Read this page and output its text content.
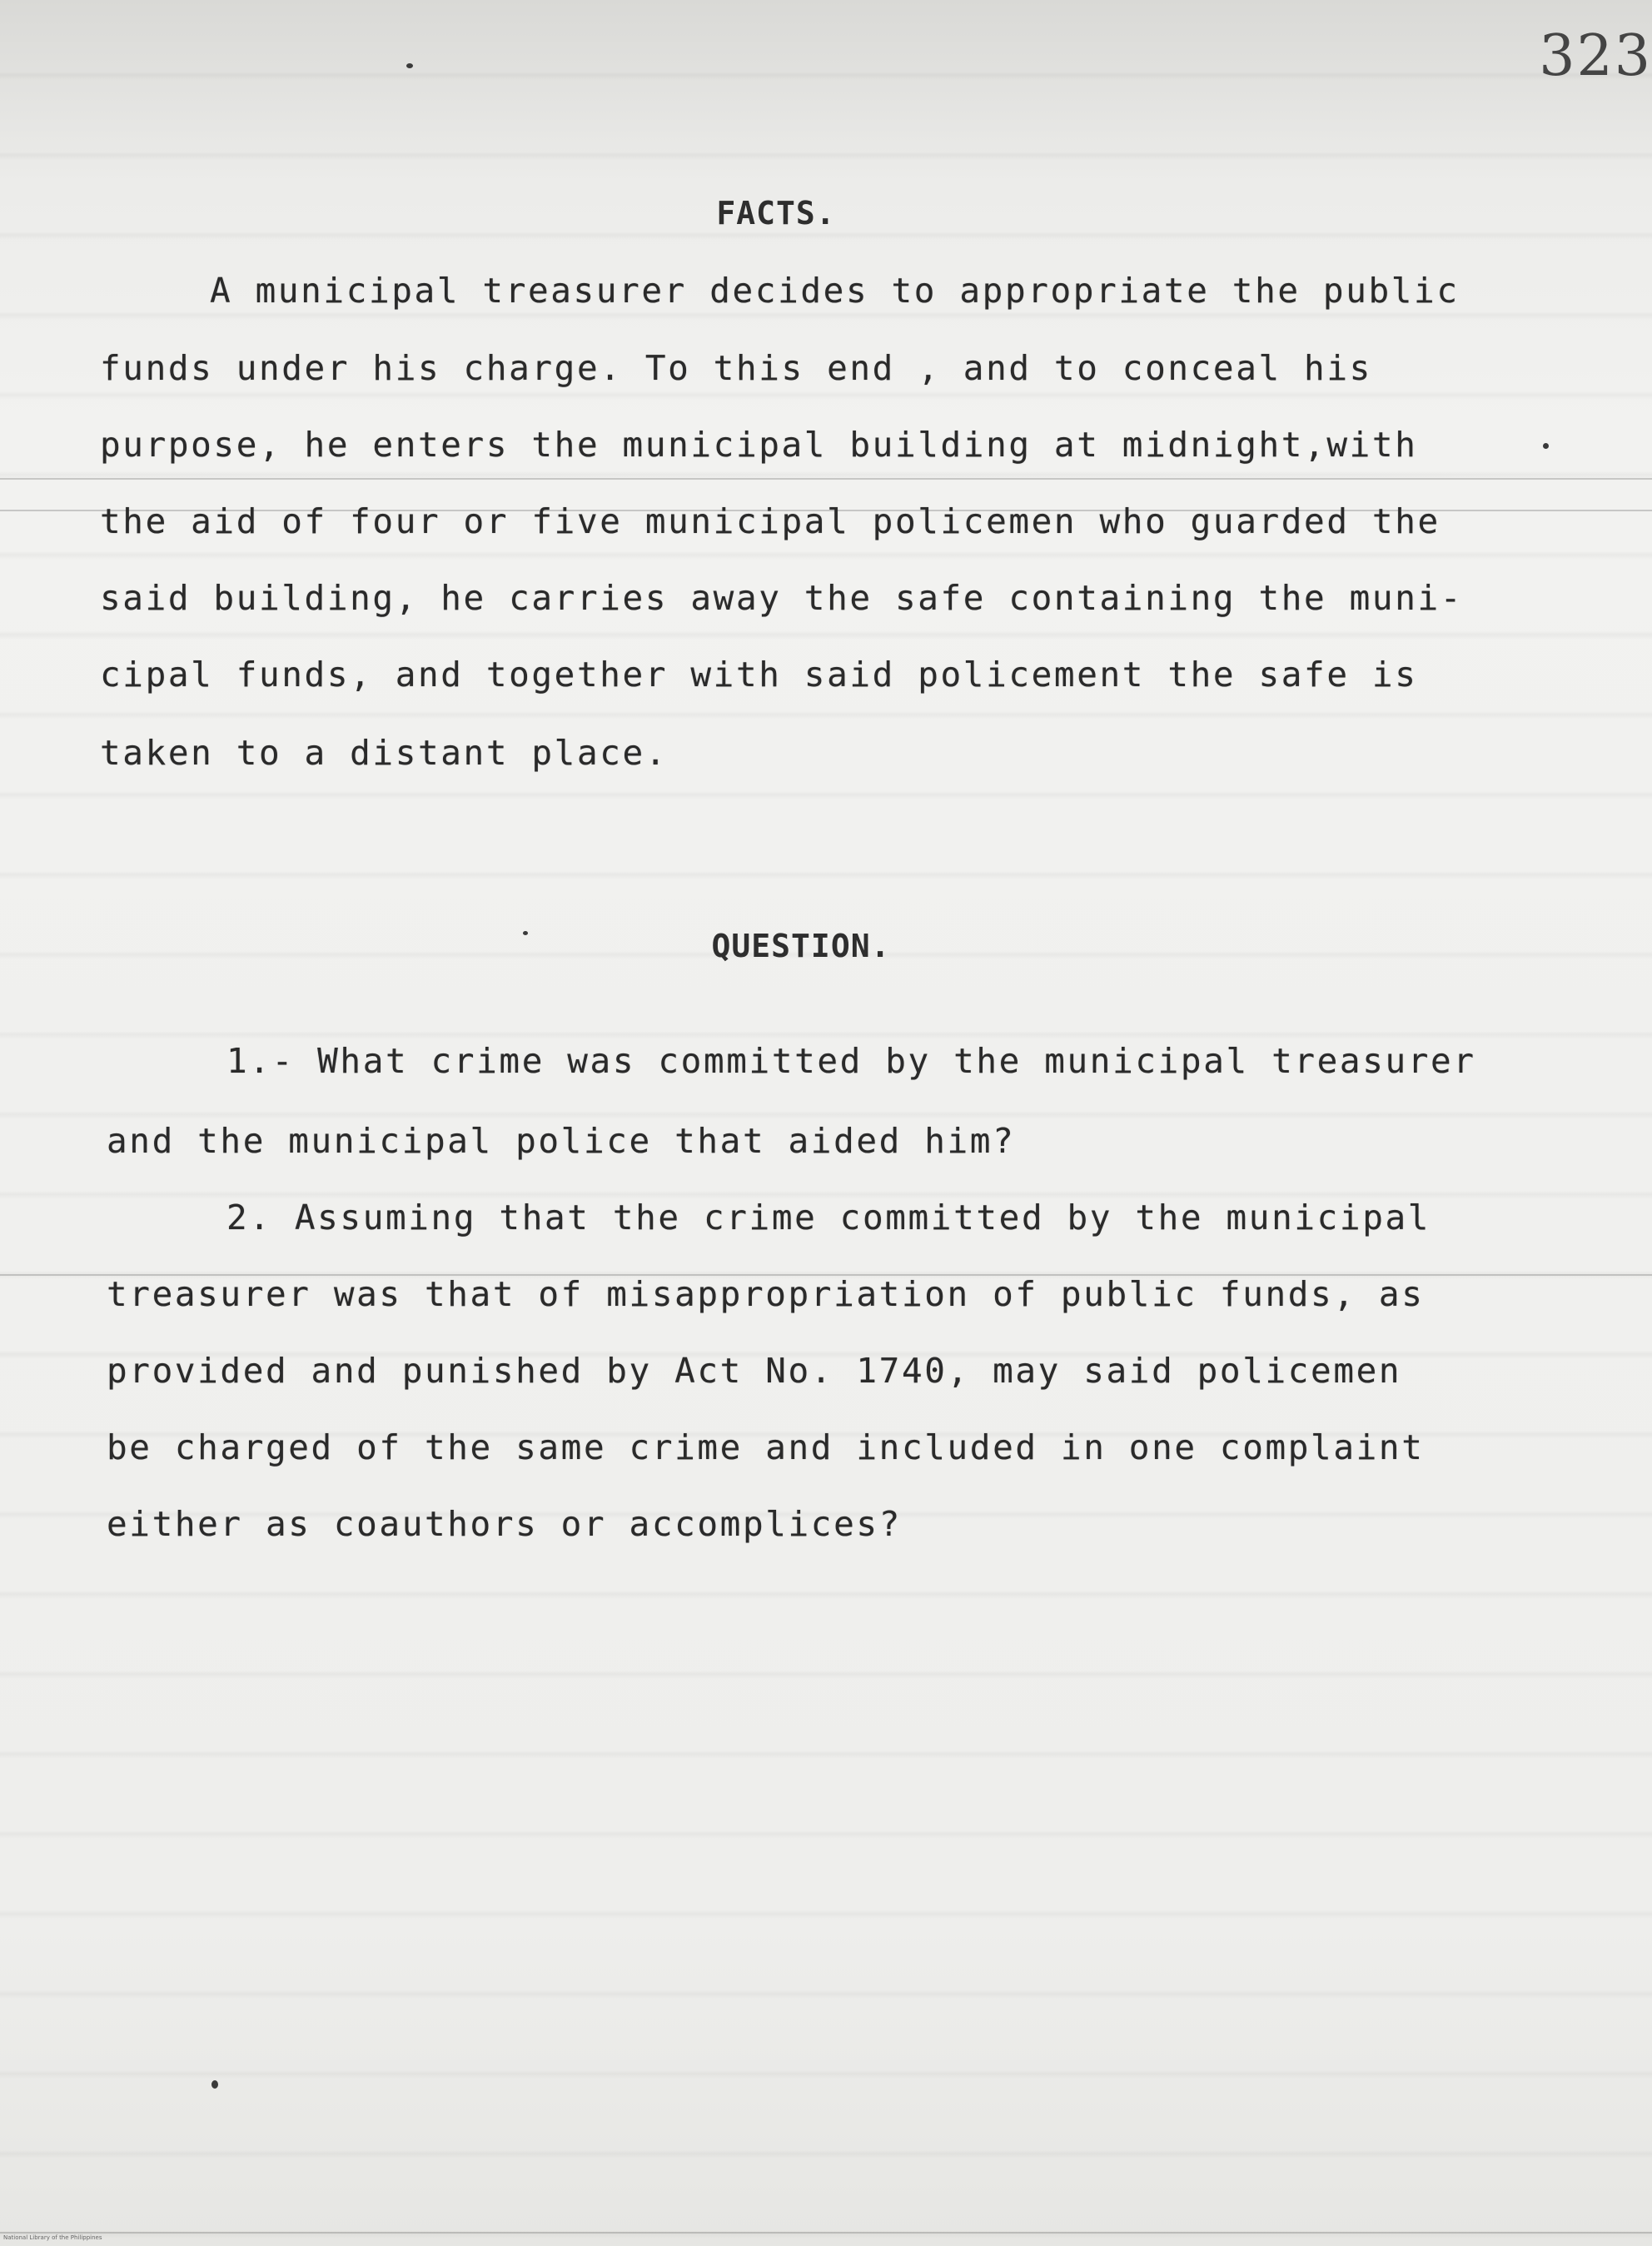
323
FACTS.
A municipal treasurer decides to appropriate the public
funds under his charge. To this end , and to conceal his
purpose, he enters the municipal building at midnight,with
the aid of four or five municipal policemen who guarded the
said building, he carries away the safe containing the muni-
cipal funds, and together with said policement the safe is
taken to a distant place.
QUESTION.
1.- What crime was committed by the municipal treasurer
and the municipal police that aided him?
2. Assuming that the crime committed by the municipal
treasurer was that of misappropriation of public funds, as
provided and punished by Act No. 1740, may said policemen
be charged of the same crime and included in one complaint
either as coauthors or accomplices?
National Library of the Philippines
